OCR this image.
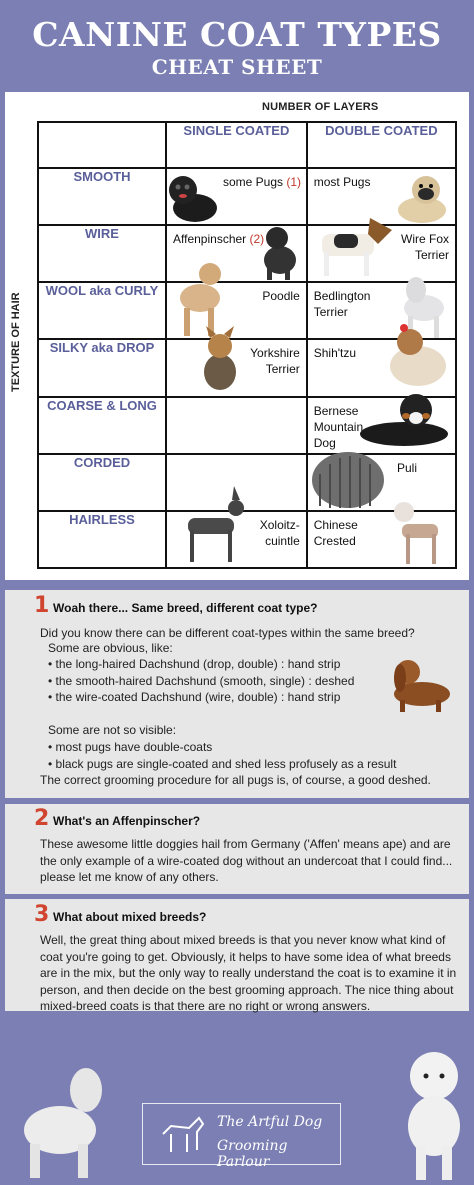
CANINE COAT TYPES
CHEAT SHEET
NUMBER OF LAYERS
TEXTURE OF HAIR
	SINGLE COATED	DOUBLE COATED
SMOOTH	some Pugs (1)	most Pugs

WIRE	Affenpinscher (2)	Wire Fox Terrier

WOOL aka CURLY	Poodle	Bedlington Terrier

SILKY aka DROP	Yorkshire Terrier	Shih'tzu

COARSE & LONG		Bernese Mountain Dog

CORDED		Puli

HAIRLESS	Xoloitz-cuintle	Chinese Crested
1 Woah there... Same breed, different coat type?
Did you know there can be different coat-types within the same breed?
Some are obvious, like:
• the long-haired Dachshund (drop, double) : hand strip
• the smooth-haired Dachshund (smooth, single) : deshed
• the wire-coated Dachshund (wire, double) : hand strip
Some are not so visible:
• most pugs have double-coats
• black pugs are single-coated and shed less profusely as a result
The correct grooming procedure for all pugs is, of course, a good deshed.
2 What's an Affenpinscher?
These awesome little doggies hail from Germany ('Affen' means ape) and are the only example of a wire-coated dog without an undercoat that I could find... please let me know of any others.
3 What about mixed breeds?
Well, the great thing about mixed breeds is that you never know what kind of coat you're going to get. Obviously, it helps to have some idea of what breeds are in the mix, but the only way to really understand the coat is to examine it in person, and then decide on the best grooming approach. The nice thing about mixed-breed coats is that there are no right or wrong answers.
The Artful Dog
Grooming Parlour
